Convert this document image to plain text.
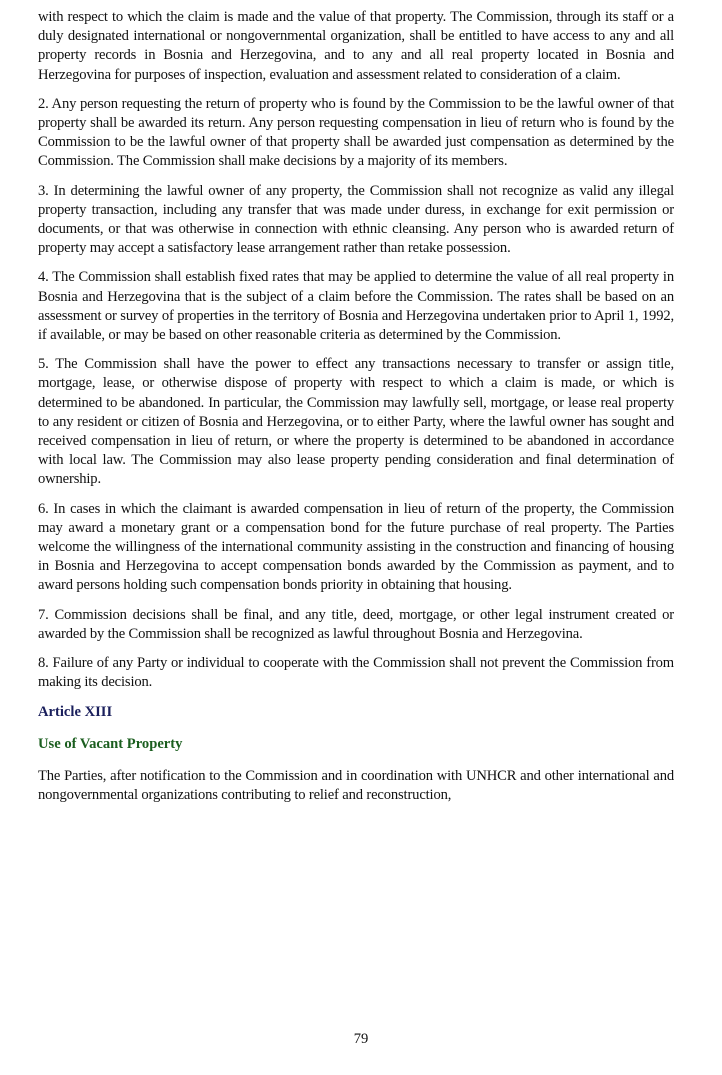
with respect to which the claim is made and the value of that property. The Commission, through its staff or a duly designated international or nongovernmental organization, shall be entitled to have access to any and all property records in Bosnia and Herzegovina, and to any and all real property located in Bosnia and Herzegovina for purposes of inspection, evaluation and assessment related to consideration of a claim.

2. Any person requesting the return of property who is found by the Commission to be the lawful owner of that property shall be awarded its return. Any person requesting compensation in lieu of return who is found by the Commission to be the lawful owner of that property shall be awarded just compensation as determined by the Commission. The Commission shall make decisions by a majority of its members.

3. In determining the lawful owner of any property, the Commission shall not recognize as valid any illegal property transaction, including any transfer that was made under duress, in exchange for exit permission or documents, or that was otherwise in connection with ethnic cleansing. Any person who is awarded return of property may accept a satisfactory lease arrangement rather than retake possession.

4. The Commission shall establish fixed rates that may be applied to determine the value of all real property in Bosnia and Herzegovina that is the subject of a claim before the Commission. The rates shall be based on an assessment or survey of properties in the territory of Bosnia and Herzegovina undertaken prior to April 1, 1992, if available, or may be based on other reasonable criteria as determined by the Commission.

5. The Commission shall have the power to effect any transactions necessary to transfer or assign title, mortgage, lease, or otherwise dispose of property with respect to which a claim is made, or which is determined to be abandoned. In particular, the Commission may lawfully sell, mortgage, or lease real property to any resident or citizen of Bosnia and Herzegovina, or to either Party, where the lawful owner has sought and received compensation in lieu of return, or where the property is determined to be abandoned in accordance with local law. The Commission may also lease property pending consideration and final determination of ownership.

6. In cases in which the claimant is awarded compensation in lieu of return of the property, the Commission may award a monetary grant or a compensation bond for the future purchase of real property. The Parties welcome the willingness of the international community assisting in the construction and financing of housing in Bosnia and Herzegovina to accept compensation bonds awarded by the Commission as payment, and to award persons holding such compensation bonds priority in obtaining that housing.

7. Commission decisions shall be final, and any title, deed, mortgage, or other legal instrument created or awarded by the Commission shall be recognized as lawful throughout Bosnia and Herzegovina.

8. Failure of any Party or individual to cooperate with the Commission shall not prevent the Commission from making its decision.

Article XIII
Use of Vacant Property

The Parties, after notification to the Commission and in coordination with UNHCR and other international and nongovernmental organizations contributing to relief and reconstruction,

79
